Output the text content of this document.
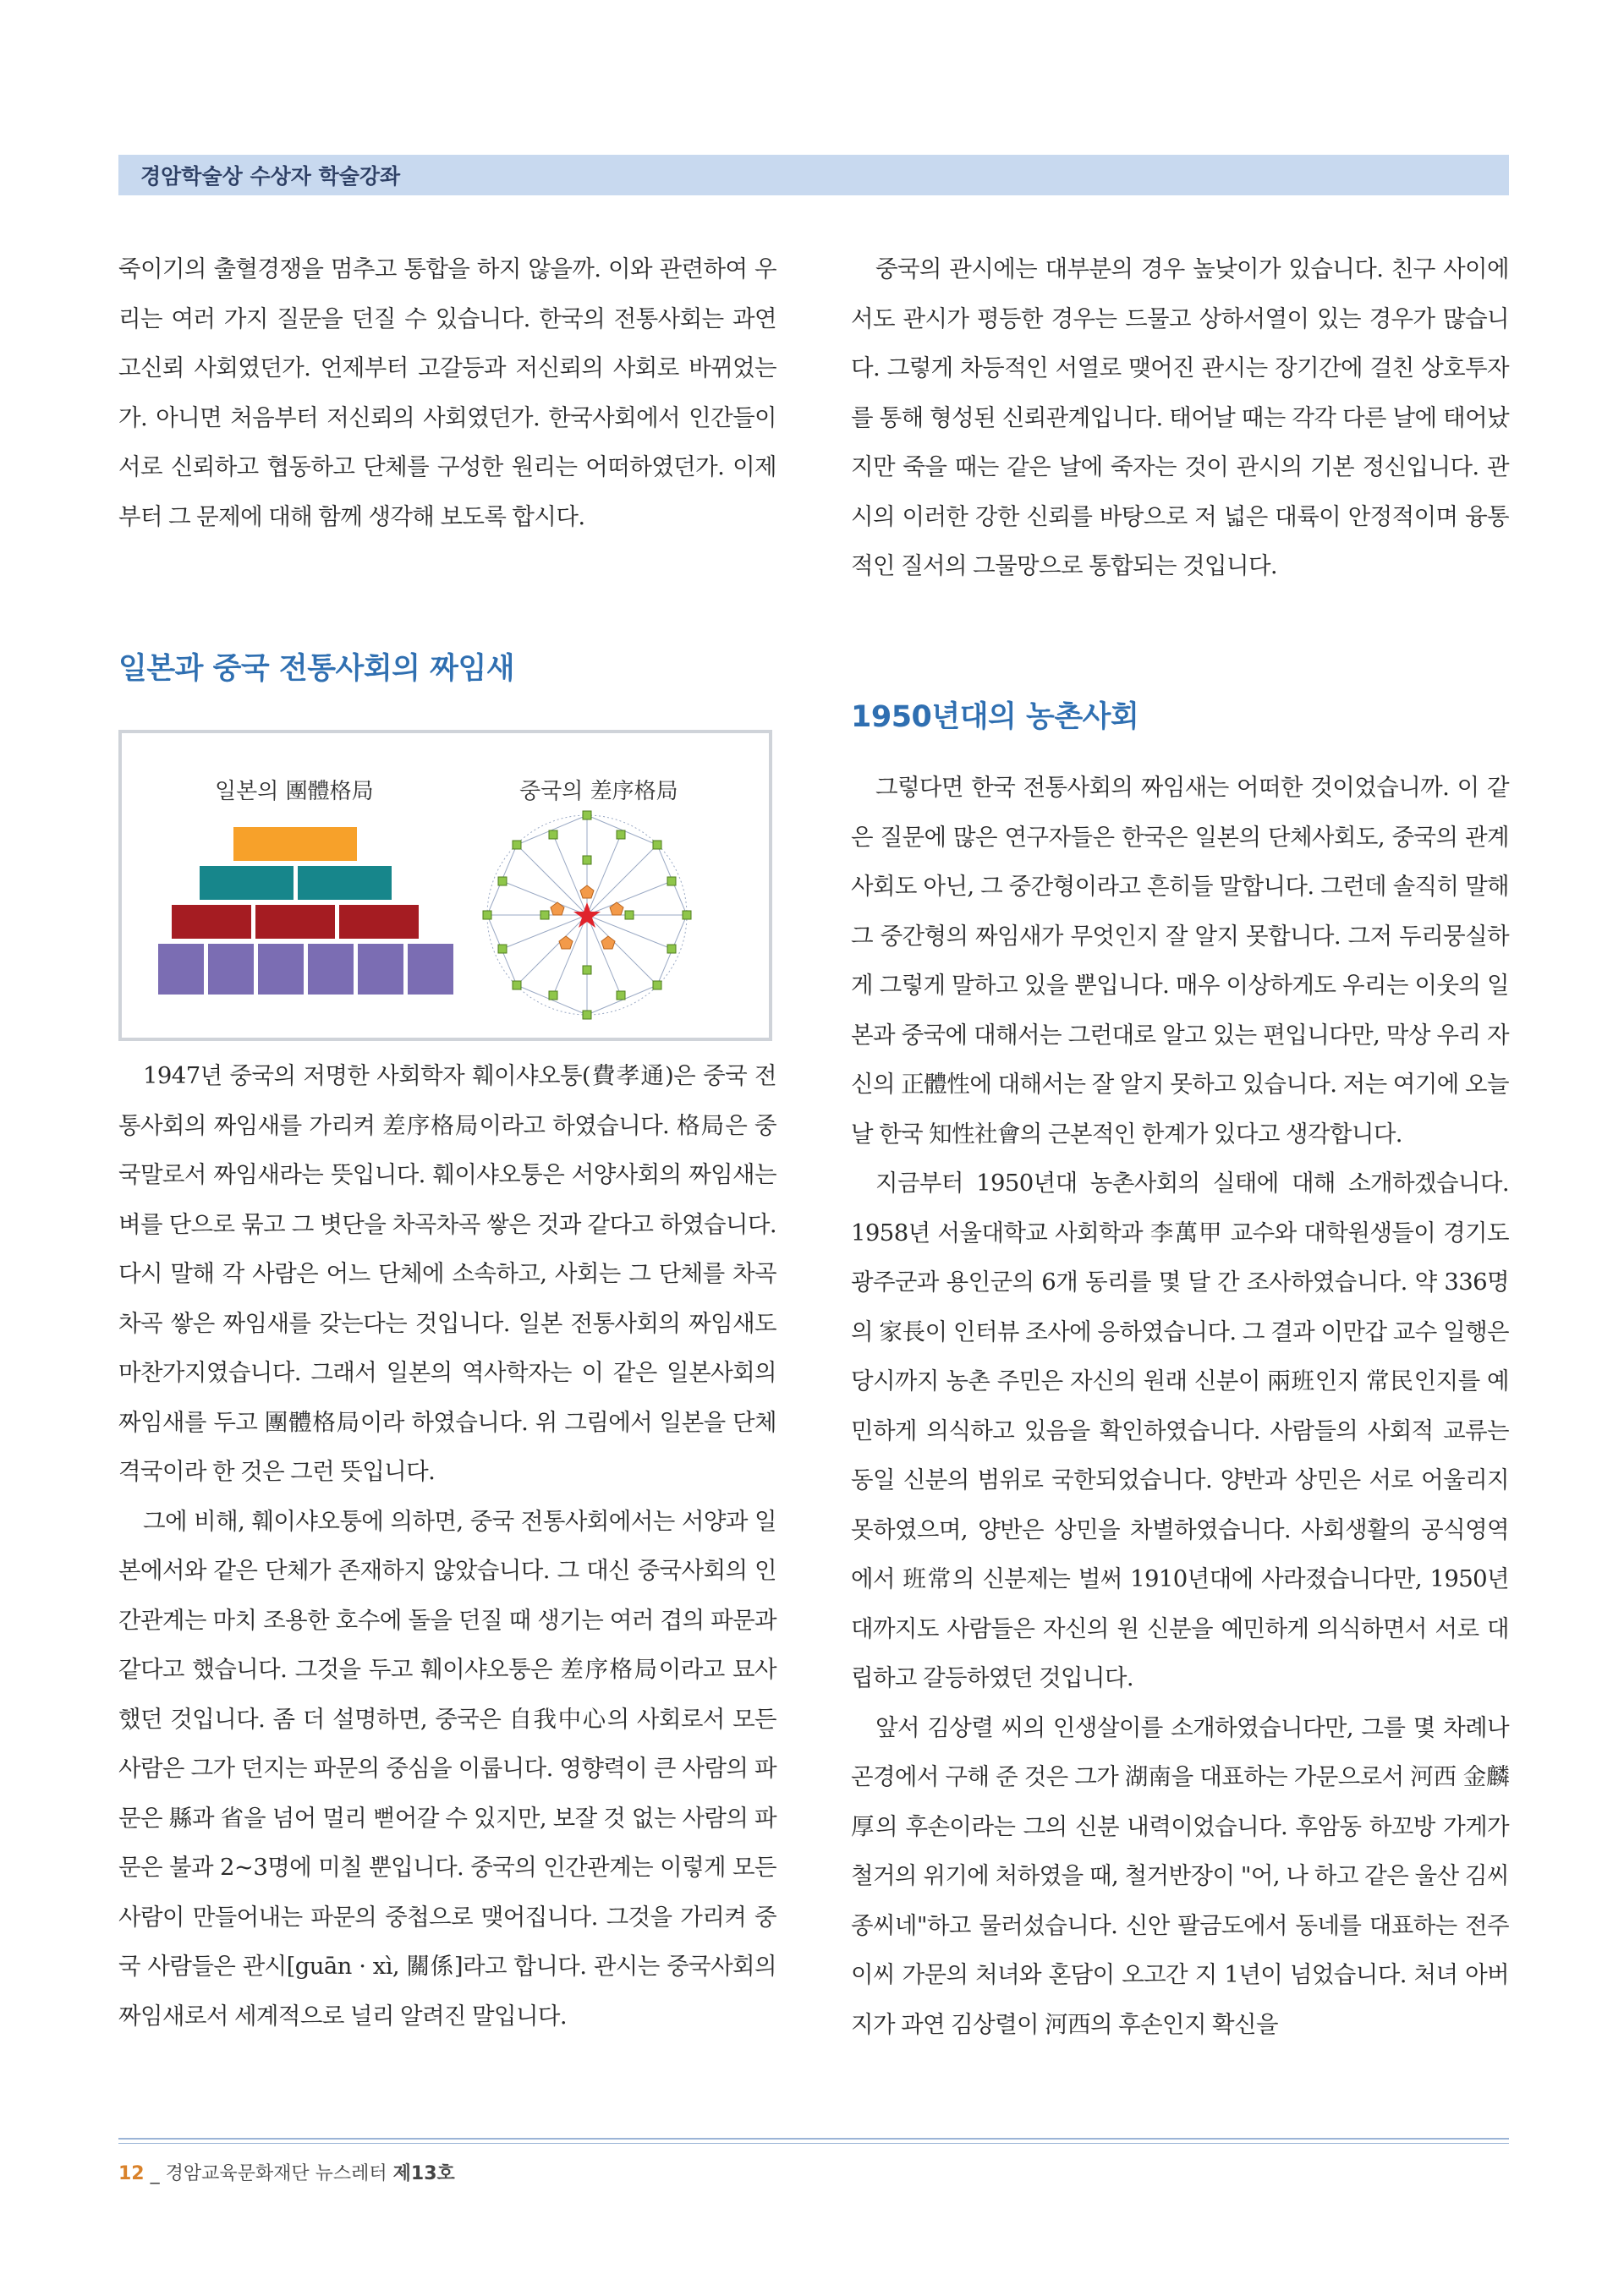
경암학술상 수상자 학술강좌

죽이기의 출혈경쟁을 멈추고 통합을 하지 않을까. 이와 관련하여 우리는 여러 가지 질문을 던질 수 있습니다. 한국의 전통사회는 과연 고신뢰 사회였던가. 언제부터 고갈등과 저신뢰의 사회로 바뀌었는가. 아니면 처음부터 저신뢰의 사회였던가. 한국사회에서 인간들이 서로 신뢰하고 협동하고 단체를 구성한 원리는 어떠하였던가. 이제부터 그 문제에 대해 함께 생각해 보도록 합시다.

일본과 중국 전통사회의 짜임새
일본의 團體格局	중국의 差序格局

1947년 중국의 저명한 사회학자 훼이샤오퉁(費孝通)은 중국 전통사회의 짜임새를 가리켜 差序格局이라고 하였습니다. 格局은 중국말로서 짜임새라는 뜻입니다. 훼이샤오퉁은 서양사회의 짜임새는 벼를 단으로 묶고 그 볏단을 차곡차곡 쌓은 것과 같다고 하였습니다. 다시 말해 각 사람은 어느 단체에 소속하고, 사회는 그 단체를 차곡차곡 쌓은 짜임새를 갖는다는 것입니다. 일본 전통사회의 짜임새도 마찬가지였습니다. 그래서 일본의 역사학자는 이 같은 일본사회의 짜임새를 두고 團體格局이라 하였습니다. 위 그림에서 일본을 단체격국이라 한 것은 그런 뜻입니다.

그에 비해, 훼이샤오퉁에 의하면, 중국 전통사회에서는 서양과 일본에서와 같은 단체가 존재하지 않았습니다. 그 대신 중국사회의 인간관계는 마치 조용한 호수에 돌을 던질 때 생기는 여러 겹의 파문과 같다고 했습니다. 그것을 두고 훼이샤오퉁은 差序格局이라고 묘사했던 것입니다. 좀 더 설명하면, 중국은 自我中心의 사회로서 모든 사람은 그가 던지는 파문의 중심을 이룹니다. 영향력이 큰 사람의 파문은 縣과 省을 넘어 멀리 뻗어갈 수 있지만, 보잘 것 없는 사람의 파문은 불과 2~3명에 미칠 뿐입니다. 중국의 인간관계는 이렇게 모든 사람이 만들어내는 파문의 중첩으로 맺어집니다. 그것을 가리켜 중국 사람들은 관시[guān · xì, 關係]라고 합니다. 관시는 중국사회의 짜임새로서 세계적으로 널리 알려진 말입니다.

중국의 관시에는 대부분의 경우 높낮이가 있습니다. 친구 사이에서도 관시가 평등한 경우는 드물고 상하서열이 있는 경우가 많습니다. 그렇게 차등적인 서열로 맺어진 관시는 장기간에 걸친 상호투자를 통해 형성된 신뢰관계입니다. 태어날 때는 각각 다른 날에 태어났지만 죽을 때는 같은 날에 죽자는 것이 관시의 기본 정신입니다. 관시의 이러한 강한 신뢰를 바탕으로 저 넓은 대륙이 안정적이며 융통적인 질서의 그물망으로 통합되는 것입니다.

1950년대의 농촌사회

그렇다면 한국 전통사회의 짜임새는 어떠한 것이었습니까. 이 같은 질문에 많은 연구자들은 한국은 일본의 단체사회도, 중국의 관계사회도 아닌, 그 중간형이라고 흔히들 말합니다. 그런데 솔직히 말해 그 중간형의 짜임새가 무엇인지 잘 알지 못합니다. 그저 두리뭉실하게 그렇게 말하고 있을 뿐입니다. 매우 이상하게도 우리는 이웃의 일본과 중국에 대해서는 그런대로 알고 있는 편입니다만, 막상 우리 자신의 正體性에 대해서는 잘 알지 못하고 있습니다. 저는 여기에 오늘날 한국 知性社會의 근본적인 한계가 있다고 생각합니다.

지금부터 1950년대 농촌사회의 실태에 대해 소개하겠습니다. 1958년 서울대학교 사회학과 李萬甲 교수와 대학원생들이 경기도 광주군과 용인군의 6개 동리를 몇 달 간 조사하였습니다. 약 336명의 家長이 인터뷰 조사에 응하였습니다. 그 결과 이만갑 교수 일행은 당시까지 농촌 주민은 자신의 원래 신분이 兩班인지 常民인지를 예민하게 의식하고 있음을 확인하였습니다. 사람들의 사회적 교류는 동일 신분의 범위로 국한되었습니다. 양반과 상민은 서로 어울리지 못하였으며, 양반은 상민을 차별하였습니다. 사회생활의 공식영역에서 班常의 신분제는 벌써 1910년대에 사라졌습니다만, 1950년대까지도 사람들은 자신의 원 신분을 예민하게 의식하면서 서로 대립하고 갈등하였던 것입니다.

앞서 김상렬 씨의 인생살이를 소개하였습니다만, 그를 몇 차례나 곤경에서 구해 준 것은 그가 湖南을 대표하는 가문으로서 河西 金麟厚의 후손이라는 그의 신분 내력이었습니다. 후암동 하꼬방 가게가 철거의 위기에 처하였을 때, 철거반장이 "어, 나 하고 같은 울산 김씨 종씨네"하고 물러섰습니다. 신안 팔금도에서 동네를 대표하는 전주 이씨 가문의 처녀와 혼담이 오고간 지 1년이 넘었습니다. 처녀 아버지가 과연 김상렬이 河西의 후손인지 확신을

12 _ 경암교육문화재단 뉴스레터 제13호
